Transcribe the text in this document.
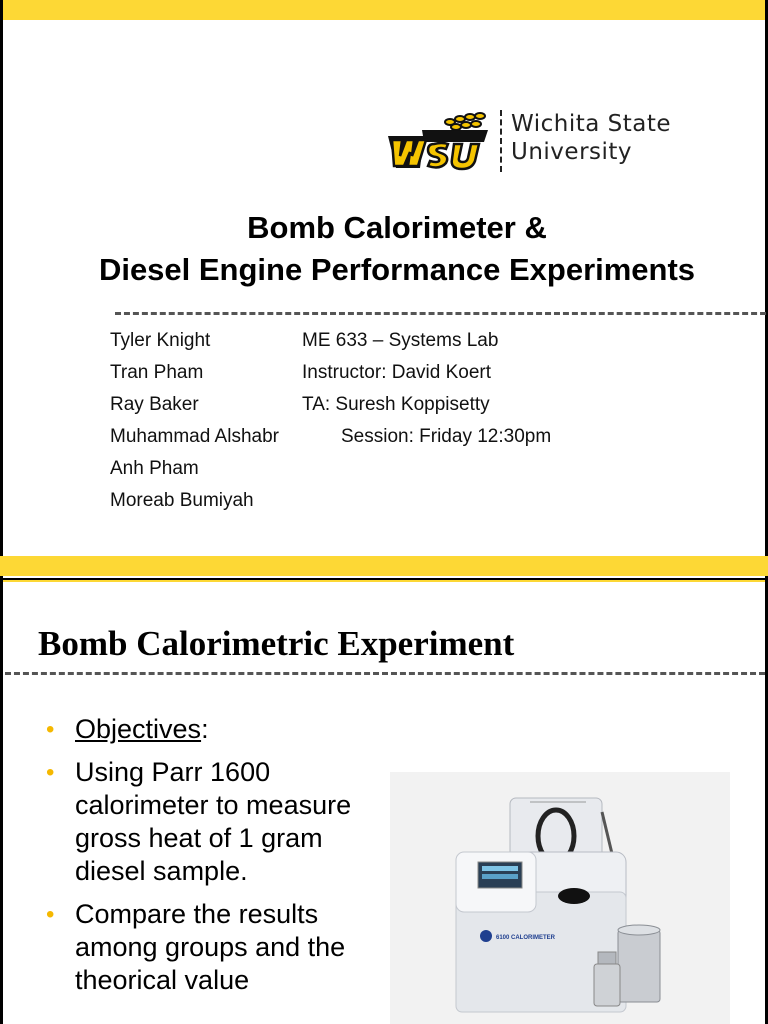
Wichita State
University
Bomb Calorimeter &
Diesel Engine Performance Experiments
Tyler Knight
Tran Pham
Ray Baker
Muhammad Alshabr
Anh Pham
Moreab Bumiyah
ME 633 – Systems Lab
Instructor: David Koert
TA: Suresh Koppisetty
Session: Friday 12:30pm
Bomb Calorimetric Experiment
• Objectives:
• Using Parr 1600 calorimeter to measure gross heat of 1 gram diesel sample.
• Compare the results among groups and the theorical value
6100 CALORIMETER
